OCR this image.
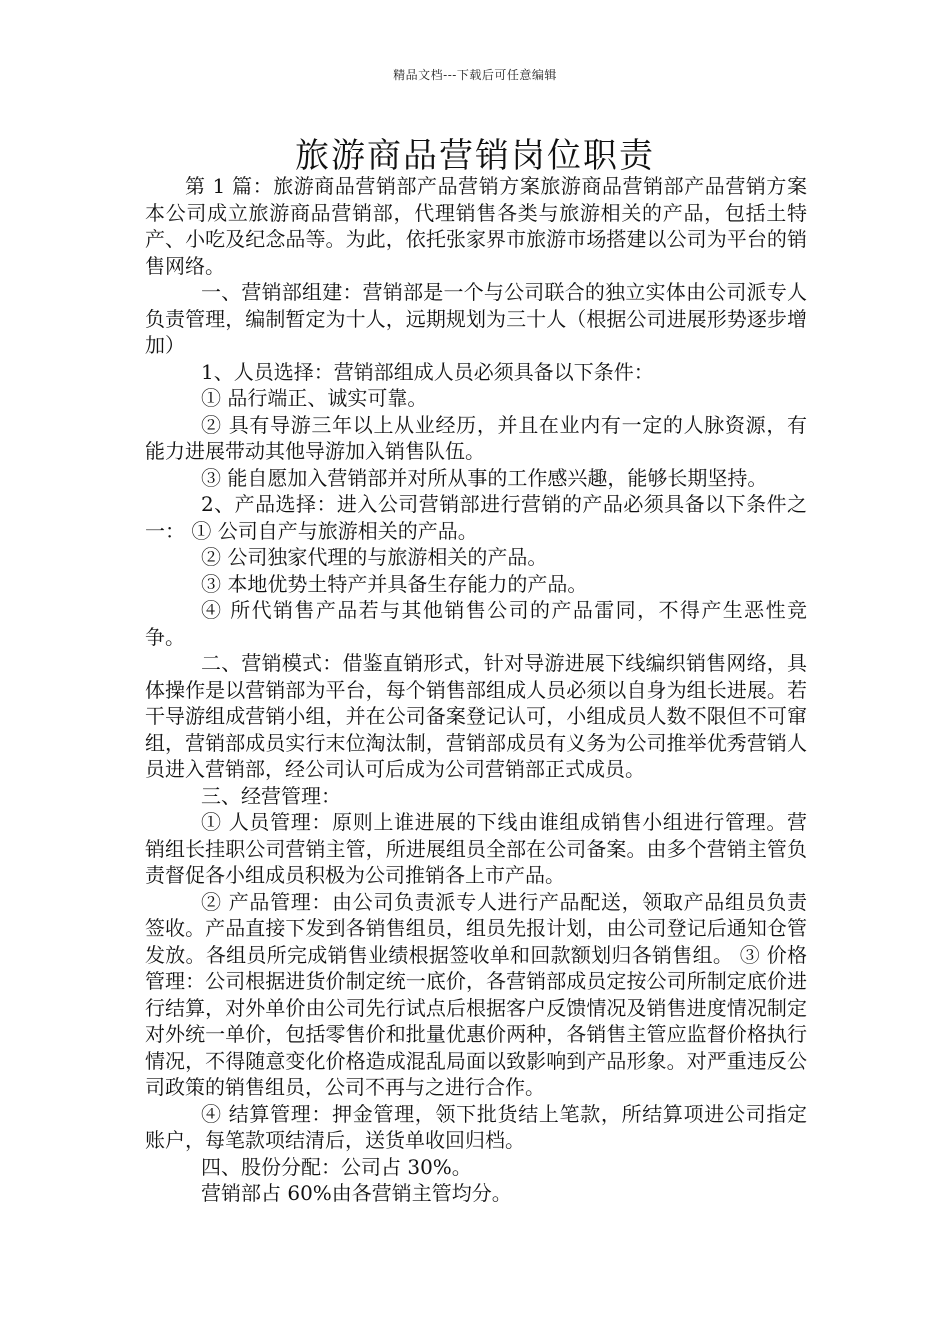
精品文档---下载后可任意编辑
旅游商品营销岗位职责

第 1 篇：旅游商品营销部产品营销方案旅游商品营销部产品营销方案本公司成立旅游商品营销部，代理销售各类与旅游相关的产品，包括土特产、小吃及纪念品等。为此，依托张家界市旅游市场搭建以公司为平台的销售网络。

一、营销部组建：营销部是一个与公司联合的独立实体由公司派专人负责管理，编制暂定为十人，远期规划为三十人（根据公司进展形势逐步增加）

1、人员选择：营销部组成人员必须具备以下条件：

① 品行端正、诚实可靠。

② 具有导游三年以上从业经历，并且在业内有一定的人脉资源，有能力进展带动其他导游加入销售队伍。

③ 能自愿加入营销部并对所从事的工作感兴趣，能够长期坚持。

2、产品选择：进入公司营销部进行营销的产品必须具备以下条件之一： ① 公司自产与旅游相关的产品。

② 公司独家代理的与旅游相关的产品。

③ 本地优势土特产并具备生存能力的产品。

④ 所代销售产品若与其他销售公司的产品雷同，不得产生恶性竞争。

二、营销模式：借鉴直销形式，针对导游进展下线编织销售网络，具体操作是以营销部为平台，每个销售部组成人员必须以自身为组长进展。若干导游组成营销小组，并在公司备案登记认可，小组成员人数不限但不可窜组，营销部成员实行末位淘汰制，营销部成员有义务为公司推举优秀营销人员进入营销部，经公司认可后成为公司营销部正式成员。

三、经营管理：

① 人员管理：原则上谁进展的下线由谁组成销售小组进行管理。营销组长挂职公司营销主管，所进展组员全部在公司备案。由多个营销主管负责督促各小组成员积极为公司推销各上市产品。

② 产品管理：由公司负责派专人进行产品配送，领取产品组员负责签收。产品直接下发到各销售组员，组员先报计划，由公司登记后通知仓管发放。各组员所完成销售业绩根据签收单和回款额划归各销售组。 ③ 价格管理：公司根据进货价制定统一底价，各营销部成员定按公司所制定底价进行结算，对外单价由公司先行试点后根据客户反馈情况及销售进度情况制定对外统一单价，包括零售价和批量优惠价两种，各销售主管应监督价格执行情况，不得随意变化价格造成混乱局面以致影响到产品形象。对严重违反公司政策的销售组员，公司不再与之进行合作。

④ 结算管理：押金管理，领下批货结上笔款，所结算项进公司指定账户，每笔款项结清后，送货单收回归档。

四、股份分配：公司占 30%。

营销部占 60%由各营销主管均分。
